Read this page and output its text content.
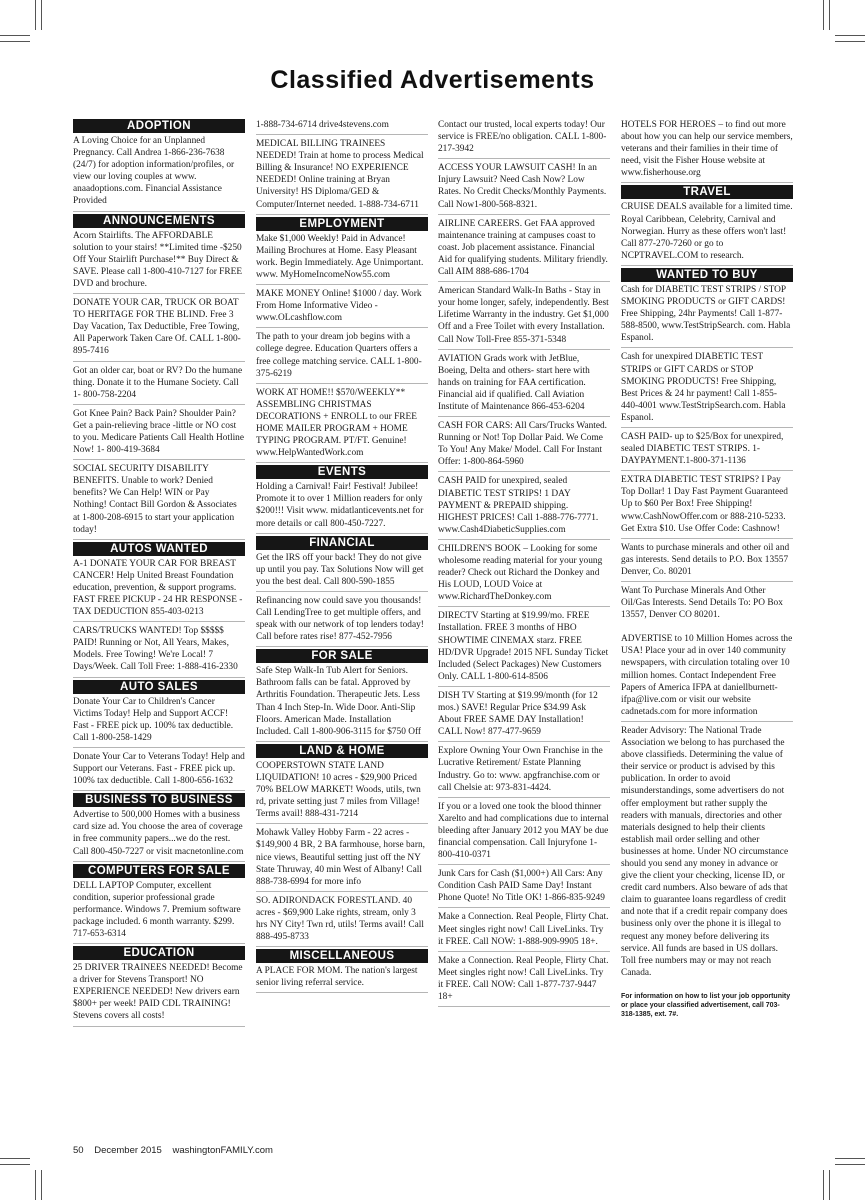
Classified Advertisements
ADOPTION
A Loving Choice for an Unplanned Pregnancy. Call Andrea 1-866-236-7638 (24/7) for adoption information/profiles, or view our loving couples at www. anaadoptions.com. Financial Assistance Provided
ANNOUNCEMENTS
Acorn Stairlifts. The AFFORDABLE solution to your stairs! **Limited time -$250 Off Your Stairlift Purchase!** Buy Direct & SAVE. Please call 1-800-410-7127 for FREE DVD and brochure.
DONATE YOUR CAR, TRUCK OR BOAT TO HERITAGE FOR THE BLIND. Free 3 Day Vacation, Tax Deductible, Free Towing, All Paperwork Taken Care Of. CALL 1-800-895-7416
Got an older car, boat or RV? Do the humane thing. Donate it to the Humane Society. Call 1- 800-758-2204
Got Knee Pain? Back Pain? Shoulder Pain? Get a pain-relieving brace -little or NO cost to you. Medicare Patients Call Health Hotline Now! 1- 800-419-3684
SOCIAL SECURITY DISABILITY BENEFITS. Unable to work? Denied benefits? We Can Help! WIN or Pay Nothing! Contact Bill Gordon & Associates at 1-800-208-6915 to start your application today!
AUTOS WANTED
A-1 DONATE YOUR CAR FOR BREAST CANCER! Help United Breast Foundation education, prevention, & support programs. FAST FREE PICKUP - 24 HR RESPONSE - TAX DEDUCTION 855-403-0213
CARS/TRUCKS WANTED! Top $$$$$ PAID! Running or Not, All Years, Makes, Models. Free Towing! We're Local! 7 Days/Week. Call Toll Free: 1-888-416-2330
AUTO SALES
Donate Your Car to Children's Cancer Victims Today! Help and Support ACCF! Fast - FREE pick up. 100% tax deductible. Call 1-800-258-1429
Donate Your Car to Veterans Today! Help and Support our Veterans. Fast - FREE pick up. 100% tax deductible. Call 1-800-656-1632
BUSINESS TO BUSINESS
Advertise to 500,000 Homes with a business card size ad. You choose the area of coverage in free community papers...we do the rest. Call 800-450-7227 or visit macnetonline.com
COMPUTERS FOR SALE
DELL LAPTOP Computer, excellent condition, superior professional grade performance. Windows 7. Premium software package included. 6 month warranty. $299. 717-653-6314
EDUCATION
25 DRIVER TRAINEES NEEDED! Become a driver for Stevens Transport! NO EXPERIENCE NEEDED! New drivers earn $800+ per week! PAID CDL TRAINING! Stevens covers all costs!
1-888-734-6714 drive4stevens.com
MEDICAL BILLING TRAINEES NEEDED! Train at home to process Medical Billing & Insurance! NO EXPERIENCE NEEDED! Online training at Bryan University! HS Diploma/GED & Computer/Internet needed. 1-888-734-6711
EMPLOYMENT
Make $1,000 Weekly! Paid in Advance! Mailing Brochures at Home. Easy Pleasant work. Begin Immediately. Age Unimportant. www. MyHomeIncomeNow55.com
MAKE MONEY Online! $1000 / day. Work From Home Informative Video - www.OLcashflow.com
The path to your dream job begins with a college degree. Education Quarters offers a free college matching service. CALL 1-800-375-6219
WORK AT HOME!! $570/WEEKLY** ASSEMBLING CHRISTMAS DECORATIONS + ENROLL to our FREE HOME MAILER PROGRAM + HOME TYPING PROGRAM. PT/FT. Genuine! www.HelpWantedWork.com
EVENTS
Holding a Carnival! Fair! Festival! Jubilee! Promote it to over 1 Million readers for only $200!!! Visit www. midatlanticevents.net for more details or call 800-450-7227.
FINANCIAL
Get the IRS off your back! They do not give up until you pay. Tax Solutions Now will get you the best deal. Call 800-590-1855
Refinancing now could save you thousands! Call LendingTree to get multiple offers, and speak with our network of top lenders today! Call before rates rise! 877-452-7956
FOR SALE
Safe Step Walk-In Tub Alert for Seniors. Bathroom falls can be fatal. Approved by Arthritis Foundation. Therapeutic Jets. Less Than 4 Inch Step-In. Wide Door. Anti-Slip Floors. American Made. Installation Included. Call 1-800-906-3115 for $750 Off
LAND & HOME
COOPERSTOWN STATE LAND LIQUIDATION! 10 acres - $29,900 Priced 70% BELOW MARKET! Woods, utils, twn rd, private setting just 7 miles from Village! Terms avail! 888-431-7214
Mohawk Valley Hobby Farm - 22 acres - $149,900 4 BR, 2 BA farmhouse, horse barn, nice views, Beautiful setting just off the NY State Thruway, 40 min West of Albany! Call 888-738-6994 for more info
SO. ADIRONDACK FORESTLAND. 40 acres - $69,900 Lake rights, stream, only 3 hrs NY City! Twn rd, utils! Terms avail! Call 888-495-8733
MISCELLANEOUS
A PLACE FOR MOM. The nation's largest senior living referral service.
Contact our trusted, local experts today! Our service is FREE/no obligation. CALL 1-800-217-3942
ACCESS YOUR LAWSUIT CASH! In an Injury Lawsuit? Need Cash Now? Low Rates. No Credit Checks/Monthly Payments. Call Now1-800-568-8321.
AIRLINE CAREERS. Get FAA approved maintenance training at campuses coast to coast. Job placement assistance. Financial Aid for qualifying students. Military friendly. Call AIM 888-686-1704
American Standard Walk-In Baths - Stay in your home longer, safely, independently. Best Lifetime Warranty in the industry. Get $1,000 Off and a Free Toilet with every Installation. Call Now Toll-Free 855-371-5348
AVIATION Grads work with JetBlue, Boeing, Delta and others- start here with hands on training for FAA certification. Financial aid if qualified. Call Aviation Institute of Maintenance 866-453-6204
CASH FOR CARS: All Cars/Trucks Wanted. Running or Not! Top Dollar Paid. We Come To You! Any Make/ Model. Call For Instant Offer: 1-800-864-5960
CASH PAID for unexpired, sealed DIABETIC TEST STRIPS! 1 DAY PAYMENT & PREPAID shipping. HIGHEST PRICES! Call 1-888-776-7771. www.Cash4DiabeticSupplies.com
CHILDREN'S BOOK – Looking for some wholesome reading material for your young reader? Check out Richard the Donkey and His LOUD, LOUD Voice at www.RichardTheDonkey.com
DIRECTV Starting at $19.99/mo. FREE Installation. FREE 3 months of HBO SHOWTIME CINEMAX starz. FREE HD/DVR Upgrade! 2015 NFL Sunday Ticket Included (Select Packages) New Customers Only. CALL 1-800-614-8506
DISH TV Starting at $19.99/month (for 12 mos.) SAVE! Regular Price $34.99 Ask About FREE SAME DAY Installation! CALL Now! 877-477-9659
Explore Owning Your Own Franchise in the Lucrative Retirement/ Estate Planning Industry. Go to: www. apgfranchise.com or call Chelsie at: 973-831-4424.
If you or a loved one took the blood thinner Xarelto and had complications due to internal bleeding after January 2012 you MAY be due financial compensation. Call Injuryfone 1-800-410-0371
Junk Cars for Cash ($1,000+) All Cars: Any Condition Cash PAID Same Day! Instant Phone Quote! No Title OK! 1-866-835-9249
Make a Connection. Real People, Flirty Chat. Meet singles right now! Call LiveLinks. Try it FREE. Call NOW: 1-888-909-9905 18+.
Make a Connection. Real People, Flirty Chat. Meet singles right now! Call LiveLinks. Try it FREE. Call NOW: Call 1-877-737-9447 18+
HOTELS FOR HEROES – to find out more about how you can help our service members, veterans and their families in their time of need, visit the Fisher House website at www.fisherhouse.org
TRAVEL
CRUISE DEALS available for a limited time. Royal Caribbean, Celebrity, Carnival and Norwegian. Hurry as these offers won't last! Call 877-270-7260 or go to NCPTRAVEL.COM to research.
WANTED TO BUY
Cash for DIABETIC TEST STRIPS / STOP SMOKING PRODUCTS or GIFT CARDS! Free Shipping, 24hr Payments! Call 1-877-588-8500, www.TestStripSearch. com. Habla Espanol.
Cash for unexpired DIABETIC TEST STRIPS or GIFT CARDS or STOP SMOKING PRODUCTS! Free Shipping, Best Prices & 24 hr payment! Call 1-855-440-4001 www.TestStripSearch.com. Habla Espanol.
CASH PAID- up to $25/Box for unexpired, sealed DIABETIC TEST STRIPS. 1-DAYPAYMENT.1-800-371-1136
EXTRA DIABETIC TEST STRIPS? I Pay Top Dollar! 1 Day Fast Payment Guaranteed Up to $60 Per Box! Free Shipping! www.CashNowOffer.com or 888-210-5233. Get Extra $10. Use Offer Code: Cashnow!
Wants to purchase minerals and other oil and gas interests. Send details to P.O. Box 13557 Denver, Co. 80201
Want To Purchase Minerals And Other Oil/Gas Interests. Send Details To: PO Box 13557, Denver CO 80201.
ADVERTISE to 10 Million Homes across the USA! Place your ad in over 140 community newspapers, with circulation totaling over 10 million homes. Contact Independent Free Papers of America IFPA at daniellburnett-ifpa@live.com or visit our website cadnetads.com for more information
Reader Advisory: The National Trade Association we belong to has purchased the above classifieds. Determining the value of their service or product is advised by this publication. In order to avoid misunderstandings, some advertisers do not offer employment but rather supply the readers with manuals, directories and other materials designed to help their clients establish mail order selling and other businesses at home. Under NO circumstance should you send any money in advance or give the client your checking, license ID, or credit card numbers. Also beware of ads that claim to guarantee loans regardless of credit and note that if a credit repair company does business only over the phone it is illegal to request any money before delivering its service. All funds are based in US dollars. Toll free numbers may or may not reach Canada.
For information on how to list your job opportunity or place your classified advertisement, call 703-318-1385, ext. 7#.
50 December 2015 washingtonFAMILY.com
